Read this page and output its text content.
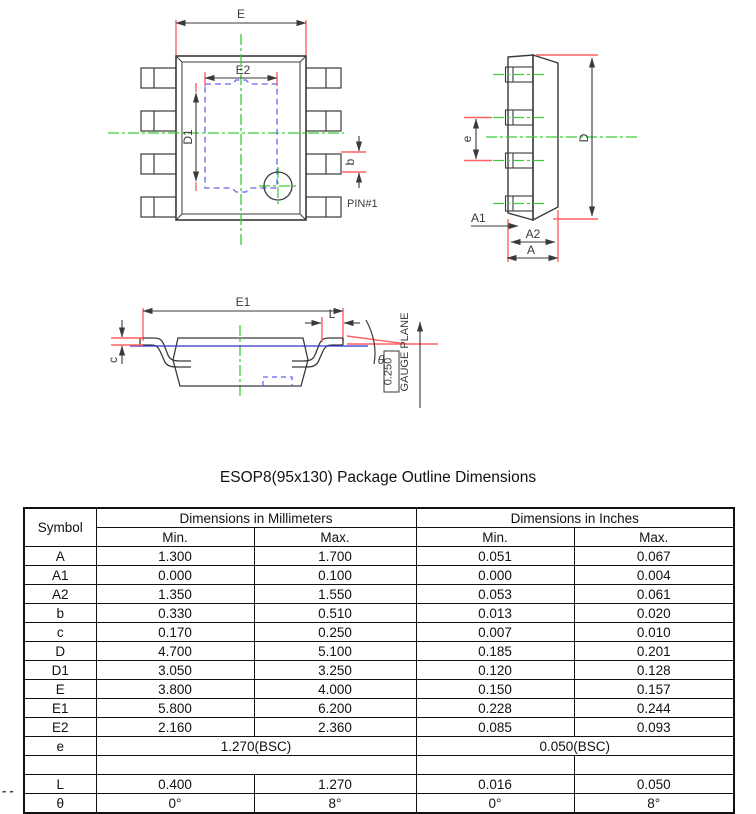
E
E2
D1
b
PIN#1
D
e
A1
A2
A
E1
c
L
θ
0.250 GAUGE PLANE
ESOP8(95x130) Package Outline Dimensions
Symbol	Dimensions in Millimeters		Dimensions in Inches	
	Min.	Max.	Min.	Max.
A	1.300	1.700	0.051	0.067
A1	0.000	0.100	0.000	0.004
A2	1.350	1.550	0.053	0.061
b	0.330	0.510	0.013	0.020
c	0.170	0.250	0.007	0.010
D	4.700	5.100	0.185	0.201
D1	3.050	3.250	0.120	0.128
E	3.800	4.000	0.150	0.157
E1	5.800	6.200	0.228	0.244
E2	2.160	2.360	0.085	0.093
e	1.270(BSC)		0.050(BSC)	

L	0.400	1.270	0.016	0.050
θ	0°	8°	0°	8°
--
